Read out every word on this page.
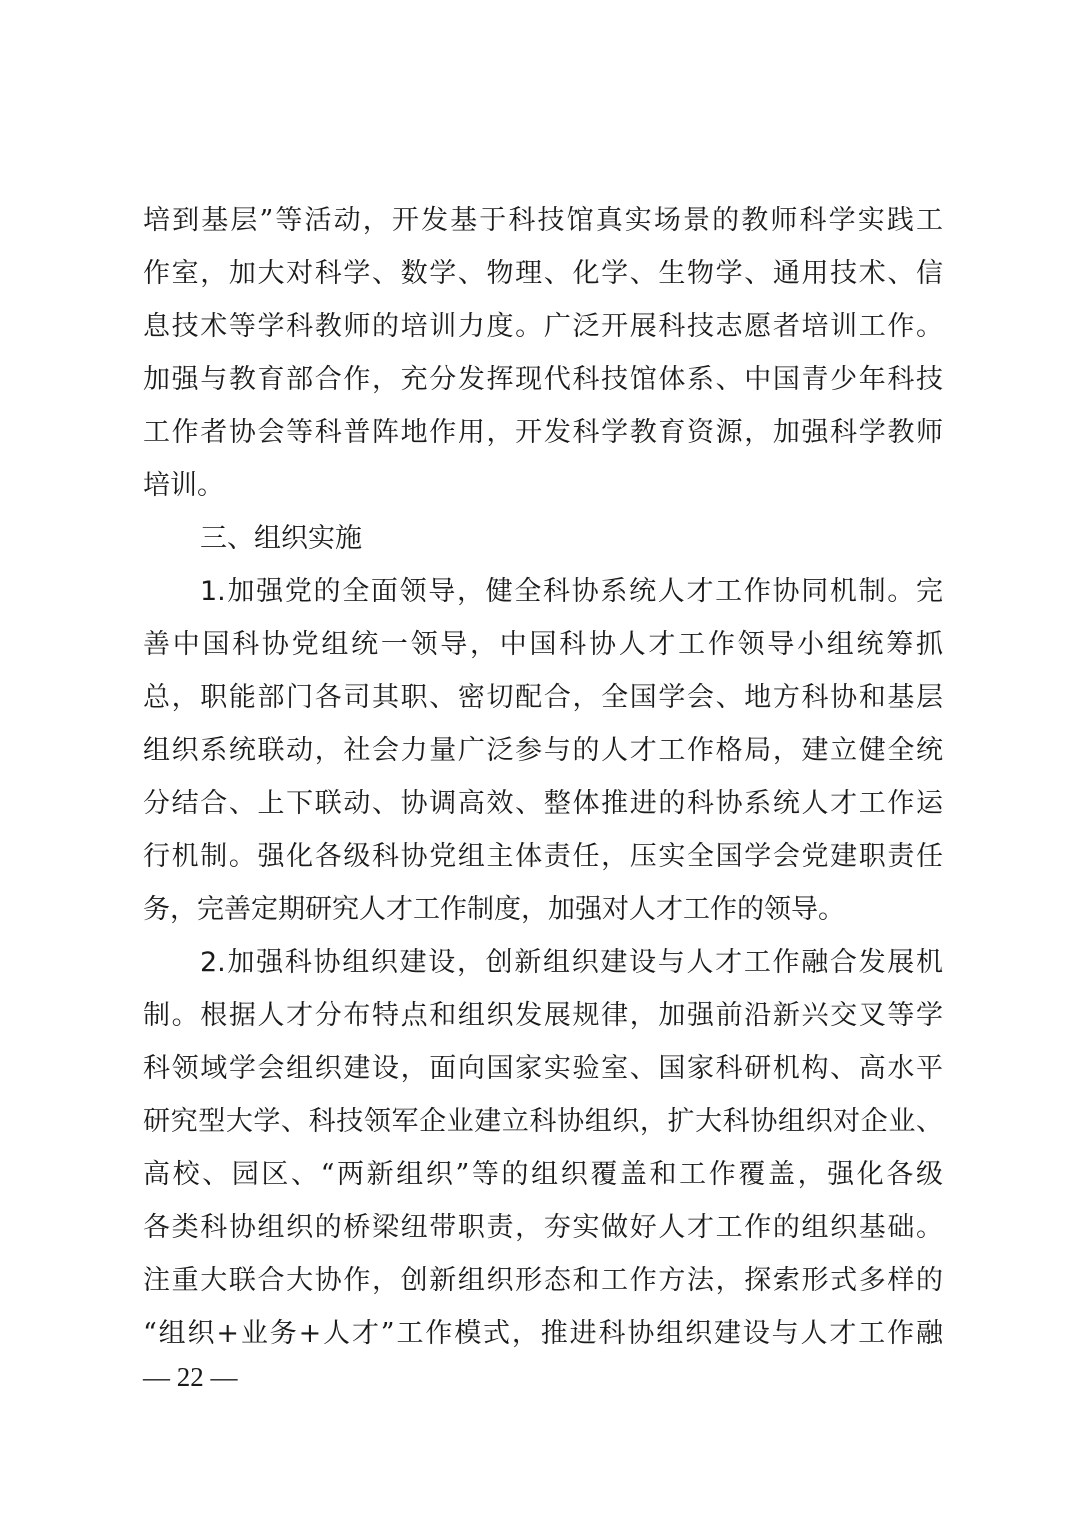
培到基层”等活动，开发基于科技馆真实场景的教师科学实践工
作室，加大对科学、数学、物理、化学、生物学、通用技术、信
息技术等学科教师的培训力度。广泛开展科技志愿者培训工作。
加强与教育部合作，充分发挥现代科技馆体系、中国青少年科技
工作者协会等科普阵地作用，开发科学教育资源，加强科学教师
培训。
三、组织实施
1.加强党的全面领导，健全科协系统人才工作协同机制。完
善中国科协党组统一领导，中国科协人才工作领导小组统筹抓
总，职能部门各司其职、密切配合，全国学会、地方科协和基层
组织系统联动，社会力量广泛参与的人才工作格局，建立健全统
分结合、上下联动、协调高效、整体推进的科协系统人才工作运
行机制。强化各级科协党组主体责任，压实全国学会党建职责任
务，完善定期研究人才工作制度，加强对人才工作的领导。
2.加强科协组织建设，创新组织建设与人才工作融合发展机
制。根据人才分布特点和组织发展规律，加强前沿新兴交叉等学
科领域学会组织建设，面向国家实验室、国家科研机构、高水平
研究型大学、科技领军企业建立科协组织，扩大科协组织对企业、
高校、园区、“两新组织”等的组织覆盖和工作覆盖，强化各级
各类科协组织的桥梁纽带职责，夯实做好人才工作的组织基础。
注重大联合大协作，创新组织形态和工作方法，探索形式多样的
“组织+业务+人才”工作模式，推进科协组织建设与人才工作融
— 22 —
